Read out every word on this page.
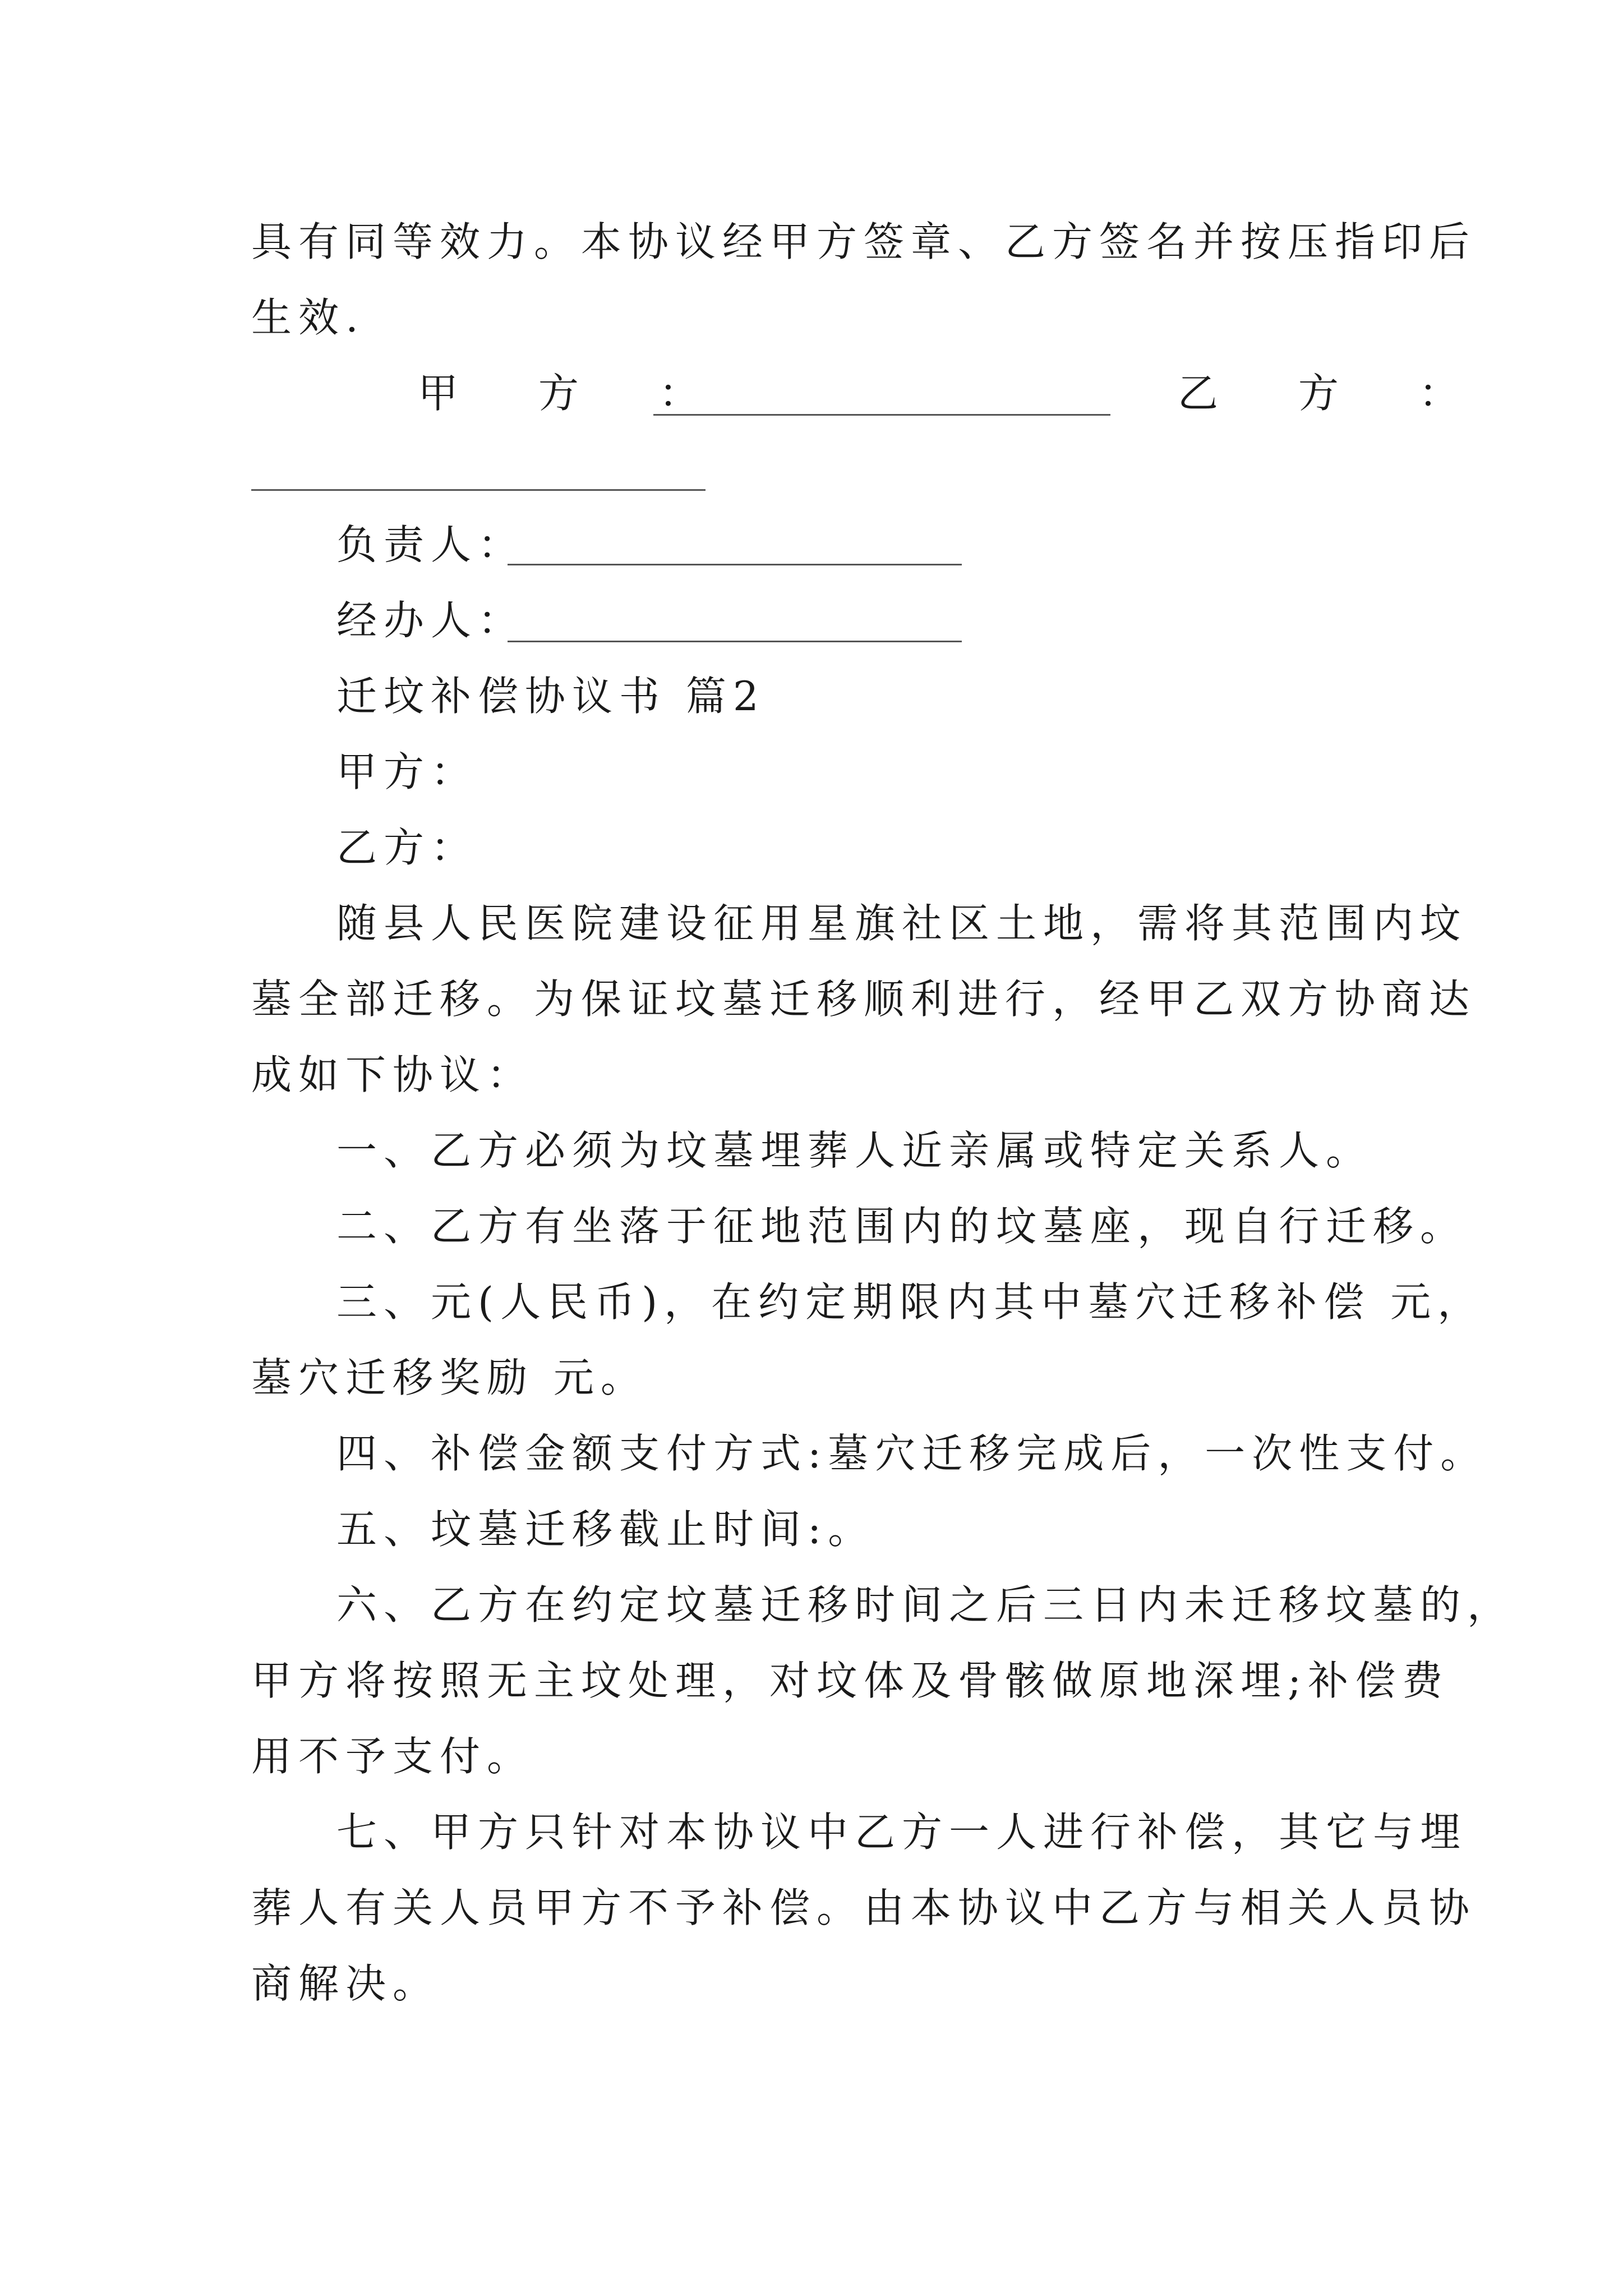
具有同等效力。本协议经甲方签章、乙方签名并按压指印后
生效.
甲 方 ：	乙 方 ：
负责人：
经办人：
迁坟补偿协议书 篇2
甲方：
乙方：
随县人民医院建设征用星旗社区土地，需将其范围内坟
墓全部迁移。为保证坟墓迁移顺利进行，经甲乙双方协商达
成如下协议：
一、乙方必须为坟墓埋葬人近亲属或特定关系人。
二、乙方有坐落于征地范围内的坟墓座，现自行迁移。
三、元(人民币)，在约定期限内其中墓穴迁移补偿 元，
墓穴迁移奖励 元。
四、补偿金额支付方式:墓穴迁移完成后，一次性支付。
五、坟墓迁移截止时间:。
六、乙方在约定坟墓迁移时间之后三日内未迁移坟墓的，
甲方将按照无主坟处理，对坟体及骨骸做原地深埋;补偿费
用不予支付。
七、甲方只针对本协议中乙方一人进行补偿，其它与埋
葬人有关人员甲方不予补偿。由本协议中乙方与相关人员协
商解决。
